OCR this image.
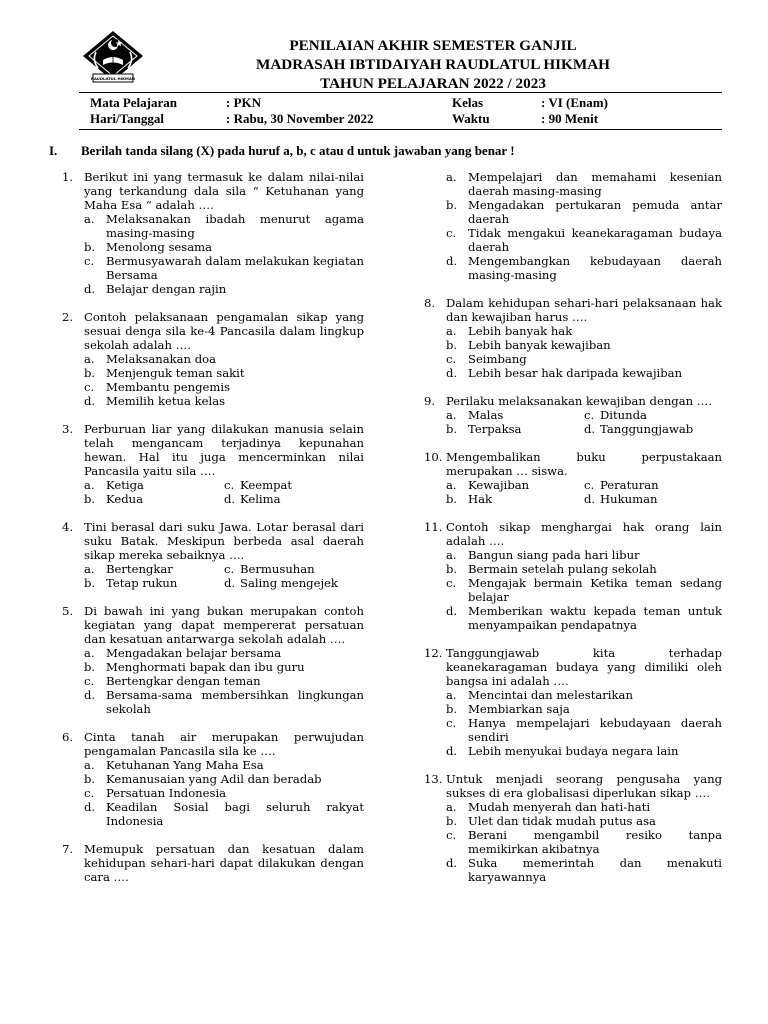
RAUDLATUL HIKMAH
PENILAIAN AKHIR SEMESTER GANJIL
MADRASAH IBTIDAIYAH RAUDLATUL HIKMAH
TAHUN PELAJARAN 2022 / 2023
Mata Pelajaran	: PKN	Kelas	: VI (Enam)
Hari/Tanggal	: Rabu, 30 November 2022	Waktu	: 90 Menit
I. Berilah tanda silang (X) pada huruf a, b, c atau d untuk jawaban yang benar !
1. Berikut ini yang termasuk ke dalam nilai-nilai yang terkandung dala sila “ Ketuhanan yang Maha Esa “ adalah ….
a. Melaksanakan ibadah menurut agama masing-masing
b. Menolong sesama
c. Bermusyawarah dalam melakukan kegiatan Bersama
d. Belajar dengan rajin
2. Contoh pelaksanaan pengamalan sikap yang sesuai denga sila ke-4 Pancasila dalam lingkup sekolah adalah ….
a. Melaksanakan doa
b. Menjenguk teman sakit
c. Membantu pengemis
d. Memilih ketua kelas
3. Perburuan liar yang dilakukan manusia selain telah mengancam terjadinya kepunahan hewan. Hal itu juga mencerminkan nilai Pancasila yaitu sila ….
a. Ketiga	c. Keempat
b. Kedua	d. Kelima
4. Tini berasal dari suku Jawa. Lotar berasal dari suku Batak. Meskipun berbeda asal daerah sikap mereka sebaiknya ….
a. Bertengkar	c. Bermusuhan
b. Tetap rukun	d. Saling mengejek
5. Di bawah ini yang bukan merupakan contoh kegiatan yang dapat mempererat persatuan dan kesatuan antarwarga sekolah adalah ….
a. Mengadakan belajar bersama
b. Menghormati bapak dan ibu guru
c. Bertengkar dengan teman
d. Bersama-sama membersihkan lingkungan sekolah
6. Cinta tanah air merupakan perwujudan pengamalan Pancasila sila ke ….
a. Ketuhanan Yang Maha Esa
b. Kemanusaian yang Adil dan beradab
c. Persatuan Indonesia
d. Keadilan Sosial bagi seluruh rakyat Indonesia
7. Memupuk persatuan dan kesatuan dalam kehidupan sehari-hari dapat dilakukan dengan cara ….
a. Mempelajari dan memahami kesenian daerah masing-masing
b. Mengadakan pertukaran pemuda antar daerah
c. Tidak mengakui keanekaragaman budaya daerah
d. Mengembangkan kebudayaan daerah masing-masing
8. Dalam kehidupan sehari-hari pelaksanaan hak dan kewajiban harus ….
a. Lebih banyak hak
b. Lebih banyak kewajiban
c. Seimbang
d. Lebih besar hak daripada kewajiban
9. Perilaku melaksanakan kewajiban dengan ….
a. Malas	c. Ditunda
b. Terpaksa	d. Tanggungjawab
10. Mengembalikan buku perpustakaan merupakan … siswa.
a. Kewajiban	c. Peraturan
b. Hak	d. Hukuman
11. Contoh sikap menghargai hak orang lain adalah ….
a. Bangun siang pada hari libur
b. Bermain setelah pulang sekolah
c. Mengajak bermain Ketika teman sedang belajar
d. Memberikan waktu kepada teman untuk menyampaikan pendapatnya
12. Tanggungjawab kita terhadap keanekaragaman budaya yang dimiliki oleh bangsa ini adalah ….
a. Mencintai dan melestarikan
b. Membiarkan saja
c. Hanya mempelajari kebudayaan daerah sendiri
d. Lebih menyukai budaya negara lain
13. Untuk menjadi seorang pengusaha yang sukses di era globalisasi diperlukan sikap ….
a. Mudah menyerah dan hati-hati
b. Ulet dan tidak mudah putus asa
c. Berani mengambil resiko tanpa memikirkan akibatnya
d. Suka memerintah dan menakuti karyawannya
